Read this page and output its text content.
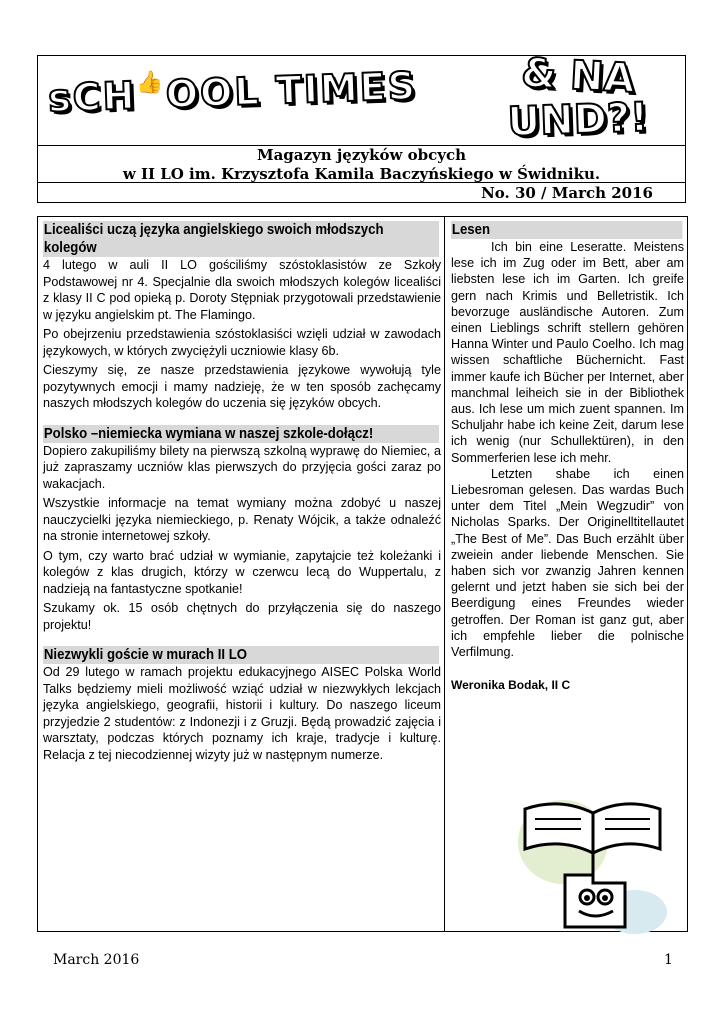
sCH👍OOL TIMES	& NA
UND?!
Magazyn języków obcych
w II LO im. Krzysztofa Kamila Baczyńskiego w Świdniku.
No. 30 / March 2016
Licealiści uczą języka angielskiego swoich młodszych kolegów

4 lutego w auli II LO gościliśmy szóstoklasistów ze Szkoły Podstawowej nr 4. Specjalnie dla swoich młodszych kolegów licealiści z klasy II C pod opieką p. Doroty Stępniak przygotowali przedstawienie w języku angielskim pt. The Flamingo.

Po obejrzeniu przedstawienia szóstoklasiści wzięli udział w zawodach językowych, w których zwyciężyli uczniowie klasy 6b.

Cieszymy się, ze nasze przedstawienia językowe wywołują tyle pozytywnych emocji i mamy nadzieję, że w ten sposób zachęcamy naszych młodszych kolegów do uczenia się języków obcych.

Polsko –niemiecka wymiana w naszej szkole-dołącz!

Dopiero zakupiliśmy bilety na pierwszą szkolną wyprawę do Niemiec, a już zapraszamy uczniów klas pierwszych do przyjęcia gości zaraz po wakacjach.

Wszystkie informacje na temat wymiany można zdobyć u naszej nauczycielki języka niemieckiego, p. Renaty Wójcik, a także odnaleźć na stronie internetowej szkoły.

O tym, czy warto brać udział w wymianie, zapytajcie też koleżanki i kolegów z klas drugich, którzy w czerwcu lecą do Wuppertalu, z nadzieją na fantastyczne spotkanie!

Szukamy ok. 15 osób chętnych do przyłączenia się do naszego projektu!

Niezwykli goście w murach II LO

Od 29 lutego w ramach projektu edukacyjnego AISEC Polska World Talks będziemy mieli możliwość wziąć udział w niezwykłych lekcjach języka angielskiego, geografii, historii i kultury. Do naszego liceum przyjedzie 2 studentów: z Indonezji i z Gruzji. Będą prowadzić zajęcia i warsztaty, podczas których poznamy ich kraje, tradycje i kulturę. Relacja z tej niecodziennej wizyty już w następnym numerze.

Lesen

Ich bin eine Leseratte. Meistens lese ich im Zug oder im Bett, aber am liebsten lese ich im Garten. Ich greife gern nach Krimis und Belletristik. Ich bevorzuge ausländische Autoren. Zum einen Lieblings schrift stellern gehören Hanna Winter und Paulo Coelho. Ich mag wissen schaftliche Büchernicht. Fast immer kaufe ich Bücher per Internet, aber manchmal leiheich sie in der Bibliothek aus. Ich lese um mich zuent spannen. Im Schuljahr habe ich keine Zeit, darum lese ich wenig (nur Schullektüren), in den Sommerferien lese ich mehr.

Letzten shabe ich einen Liebesroman gelesen. Das wardas Buch unter dem Titel „Mein Wegzudir” von Nicholas Sparks. Der Originelltitellautet „The Best of Me”. Das Buch erzählt über zweiein ander liebende Menschen. Sie haben sich vor zwanzig Jahren kennen gelernt und jetzt haben sie sich bei der Beerdigung eines Freundes wieder getroffen. Der Roman ist ganz gut, aber ich empfehle lieber die polnische Verfilmung.

Weronika Bodak, II C
March 2016	1
